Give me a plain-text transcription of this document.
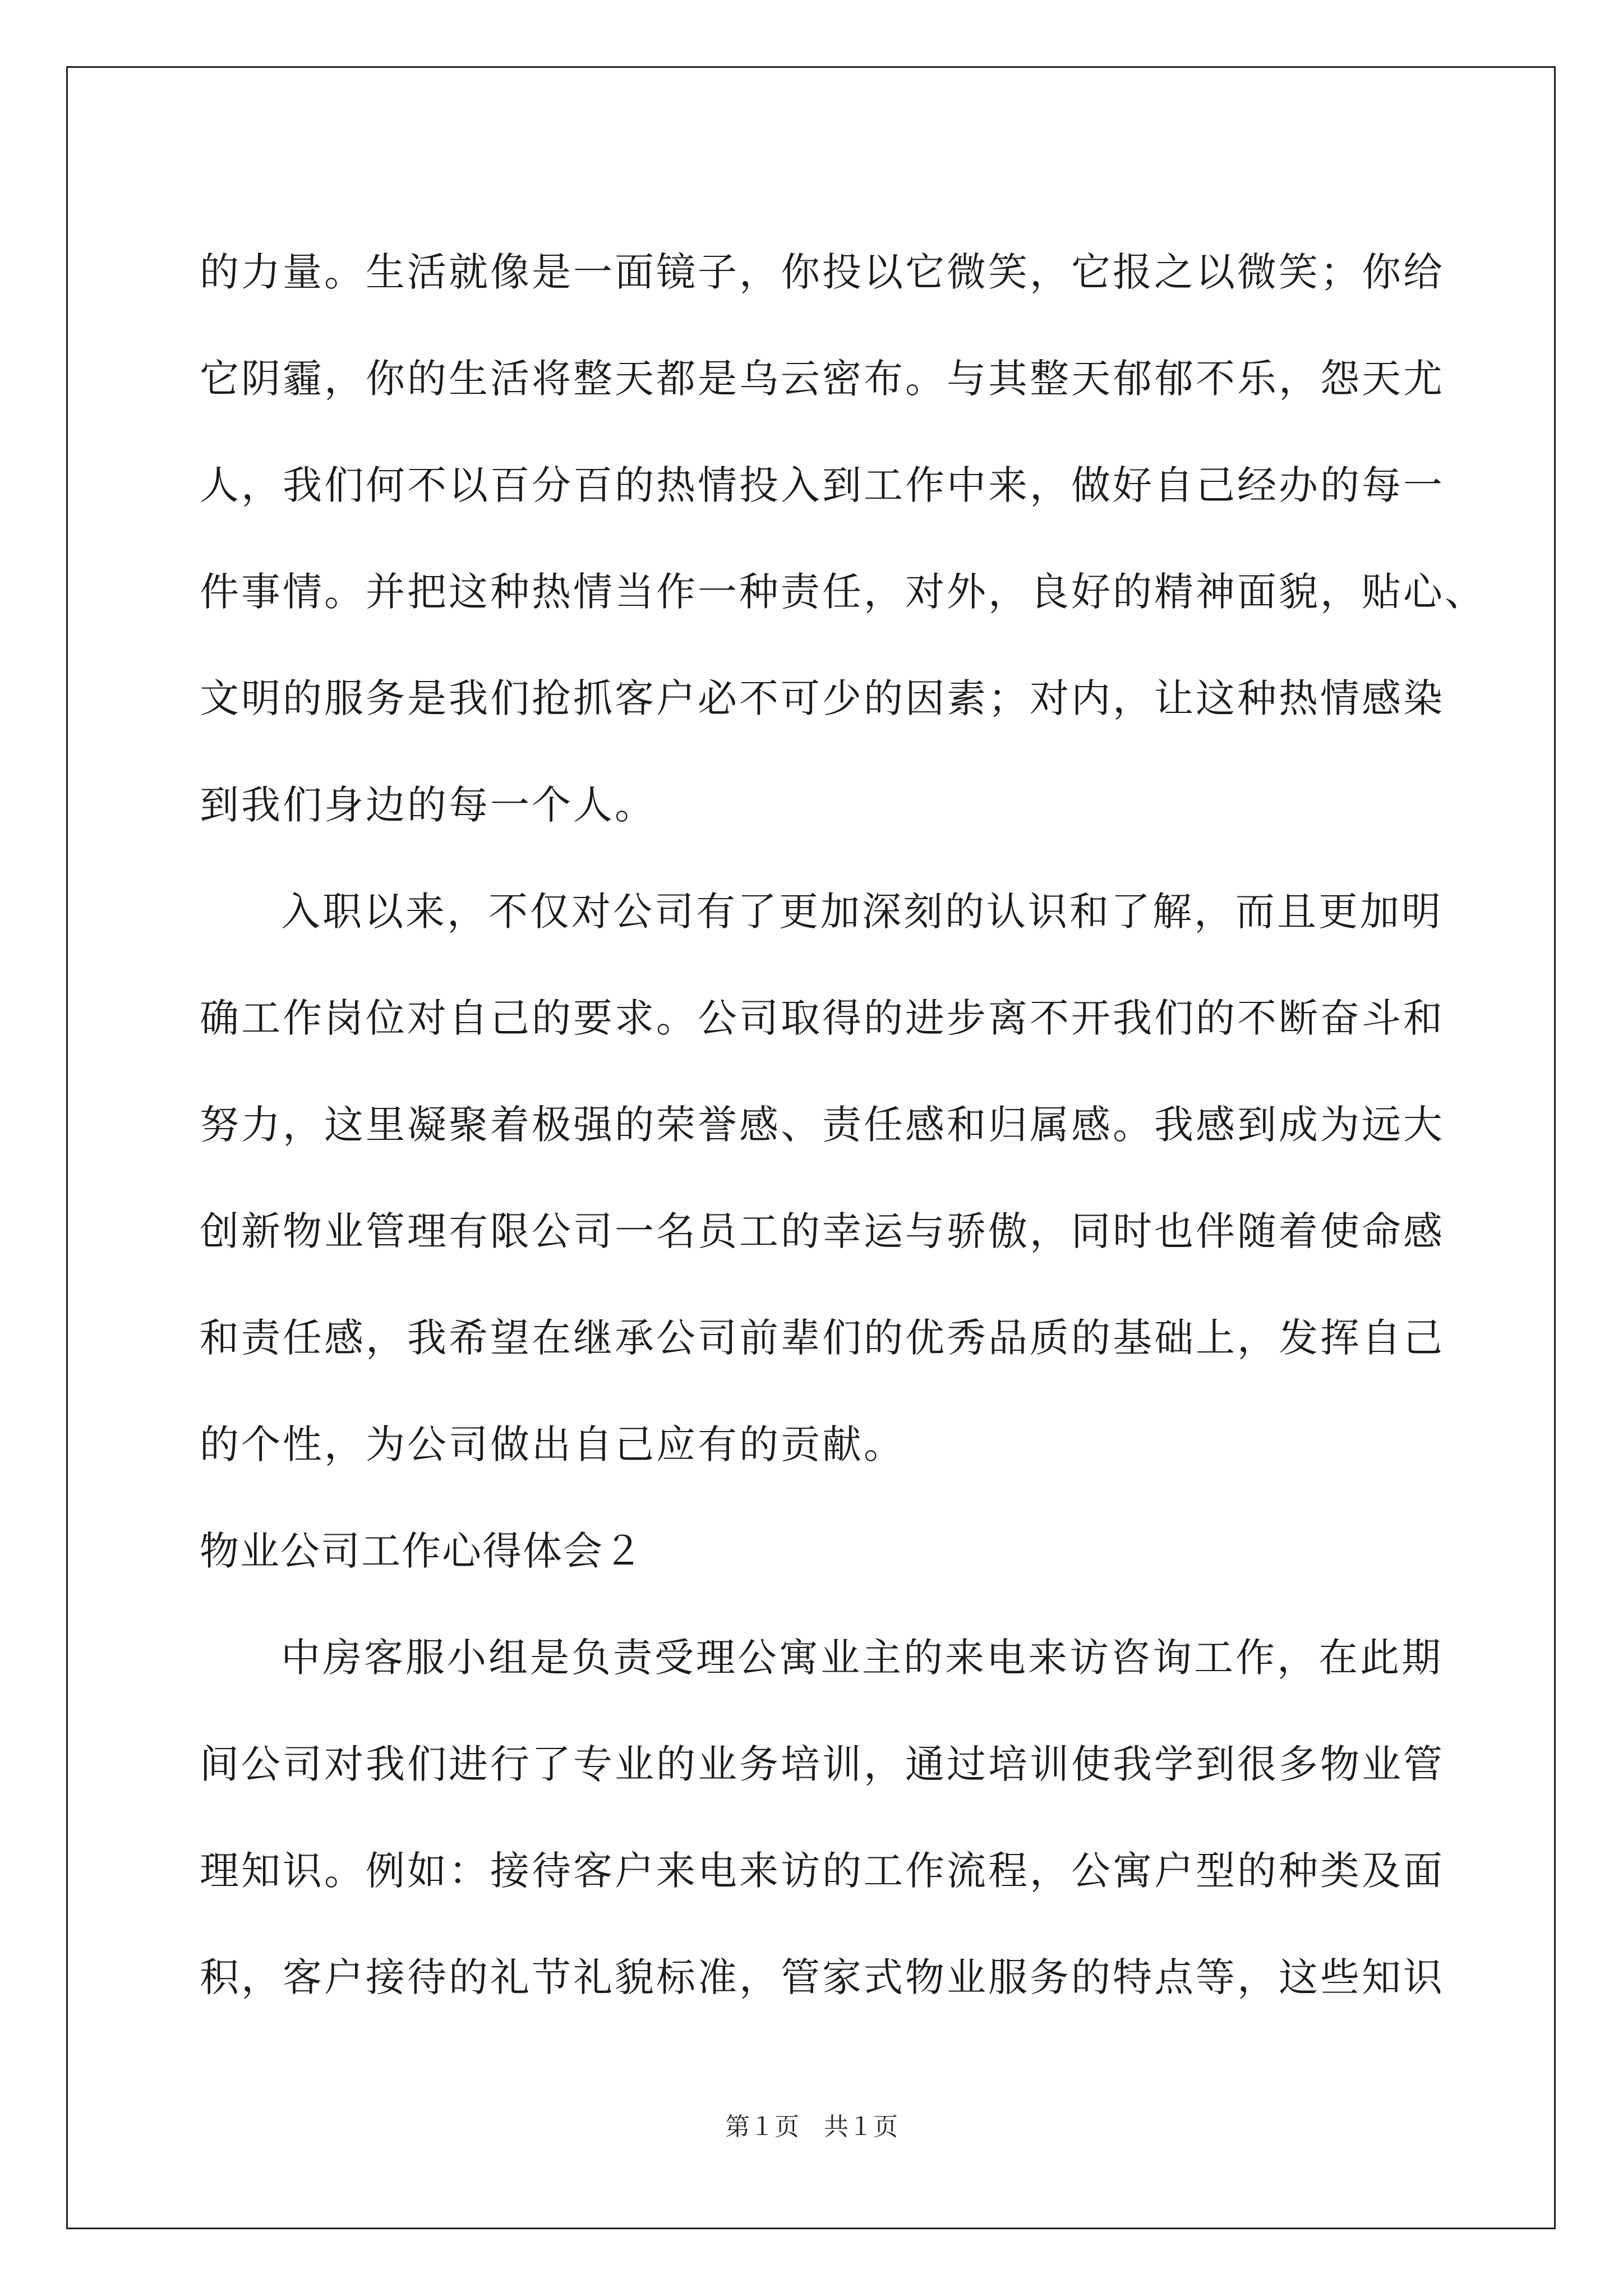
的力量。生活就像是一面镜子，你投以它微笑，它报之以微笑；你给
它阴霾，你的生活将整天都是乌云密布。与其整天郁郁不乐，怨天尤
人，我们何不以百分百的热情投入到工作中来，做好自己经办的每一
件事情。并把这种热情当作一种责任，对外，良好的精神面貌，贴心、
文明的服务是我们抢抓客户必不可少的因素；对内，让这种热情感染
到我们身边的每一个人。
入职以来，不仅对公司有了更加深刻的认识和了解，而且更加明
确工作岗位对自己的要求。公司取得的进步离不开我们的不断奋斗和
努力，这里凝聚着极强的荣誉感、责任感和归属感。我感到成为远大
创新物业管理有限公司一名员工的幸运与骄傲，同时也伴随着使命感
和责任感，我希望在继承公司前辈们的优秀品质的基础上，发挥自己
的个性，为公司做出自己应有的贡献。
物业公司工作心得体会２
中房客服小组是负责受理公寓业主的来电来访咨询工作，在此期
间公司对我们进行了专业的业务培训，通过培训使我学到很多物业管
理知识。例如：接待客户来电来访的工作流程，公寓户型的种类及面
积，客户接待的礼节礼貌标准，管家式物业服务的特点等，这些知识
第１页　共１页
